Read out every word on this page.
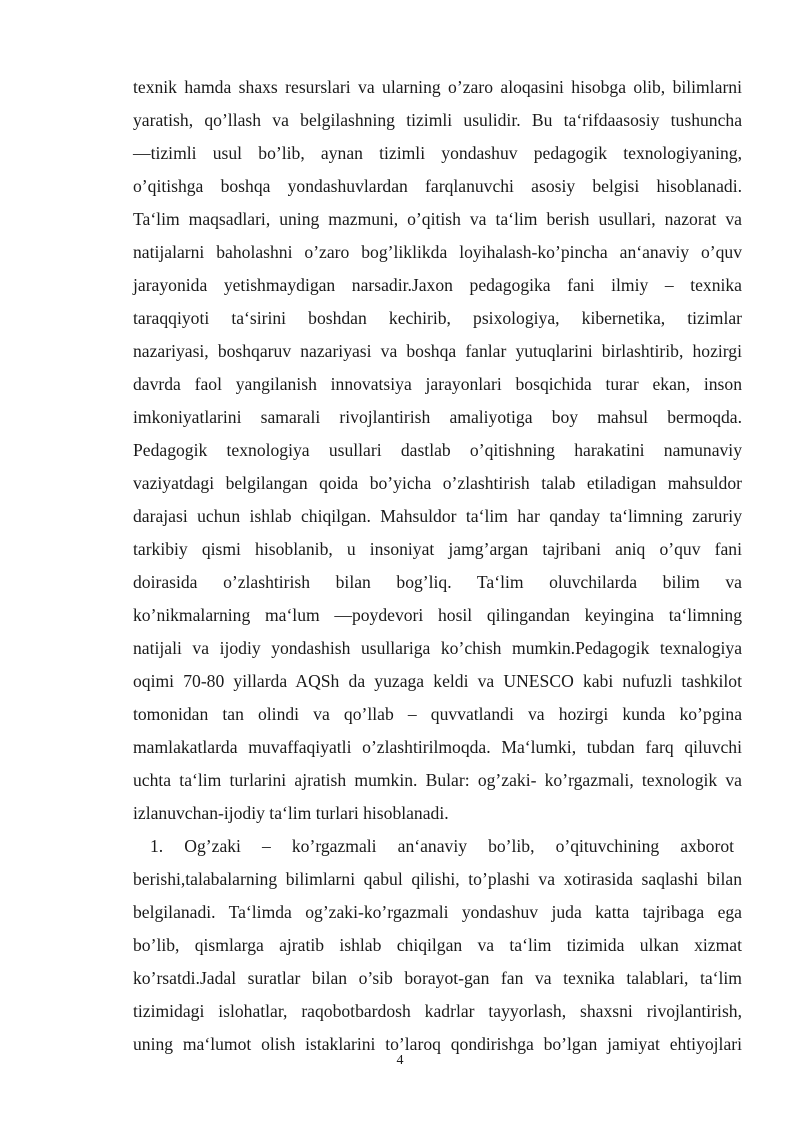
texnik hamda shaxs resurslari va ularning o’zaro aloqasini hisobga olib, bilimlarni
yaratish, qo’llash va belgilashning tizimli usulidir. Bu ta‘rifdaasosiy tushuncha
―tizimli usul bo’lib, aynan tizimli yondashuv pedagogik texnologiyaning,
o’qitishga boshqa yondashuvlardan farqlanuvchi asosiy belgisi hisoblanadi.
Ta‘lim maqsadlari, uning mazmuni, o’qitish va ta‘lim berish usullari, nazorat va
natijalarni baholashni o’zaro bog’liklikda loyihalash-ko’pincha an‘anaviy o’quv
jarayonida yetishmaydigan narsadir.Jaxon pedagogika fani ilmiy – texnika
taraqqiyoti ta‘sirini boshdan kechirib, psixologiya, kibernetika, tizimlar
nazariyasi, boshqaruv nazariyasi va boshqa fanlar yutuqlarini birlashtirib, hozirgi
davrda faol yangilanish innovatsiya jarayonlari bosqichida turar ekan, inson
imkoniyatlarini samarali rivojlantirish amaliyotiga boy mahsul bermoqda.
Pedagogik texnologiya usullari dastlab o’qitishning harakatini namunaviy
vaziyatdagi belgilangan qoida bo’yicha o’zlashtirish talab etiladigan mahsuldor
darajasi uchun ishlab chiqilgan. Mahsuldor ta‘lim har qanday ta‘limning zaruriy
tarkibiy qismi hisoblanib, u insoniyat jamg’argan tajribani aniq o’quv fani
doirasida o’zlashtirish bilan bog’liq. Ta‘lim oluvchilarda bilim va
ko’nikmalarning ma‘lum ―poydevori hosil qilingandan keyingina ta‘limning
natijali va ijodiy yondashish usullariga ko’chish mumkin.Pedagogik texnalogiya
oqimi 70-80 yillarda AQSh da yuzaga keldi va UNESCO kabi nufuzli tashkilot
tomonidan tan olindi va qo’llab – quvvatlandi va hozirgi kunda ko’pgina
mamlakatlarda muvaffaqiyatli o’zlashtirilmoqda. Ma‘lumki, tubdan farq qiluvchi
uchta ta‘lim turlarini ajratish mumkin. Bular: og’zaki- ko’rgazmali, texnologik va
izlanuvchan-ijodiy ta‘lim turlari hisoblanadi.
1. Og’zaki – ko’rgazmali an‘anaviy bo’lib, o’qituvchining axborot
berishi,talabalarning bilimlarni qabul qilishi, to’plashi va xotirasida saqlashi bilan
belgilanadi. Ta‘limda og’zaki-ko’rgazmali yondashuv juda katta tajribaga ega
bo’lib, qismlarga ajratib ishlab chiqilgan va ta‘lim tizimida ulkan xizmat
ko’rsatdi.Jadal suratlar bilan o’sib borayot-gan fan va texnika talablari, ta‘lim
tizimidagi islohatlar, raqobotbardosh kadrlar tayyorlash, shaxsni rivojlantirish,
uning ma‘lumot olish istaklarini to’laroq qondirishga bo’lgan jamiyat ehtiyojlari
4
